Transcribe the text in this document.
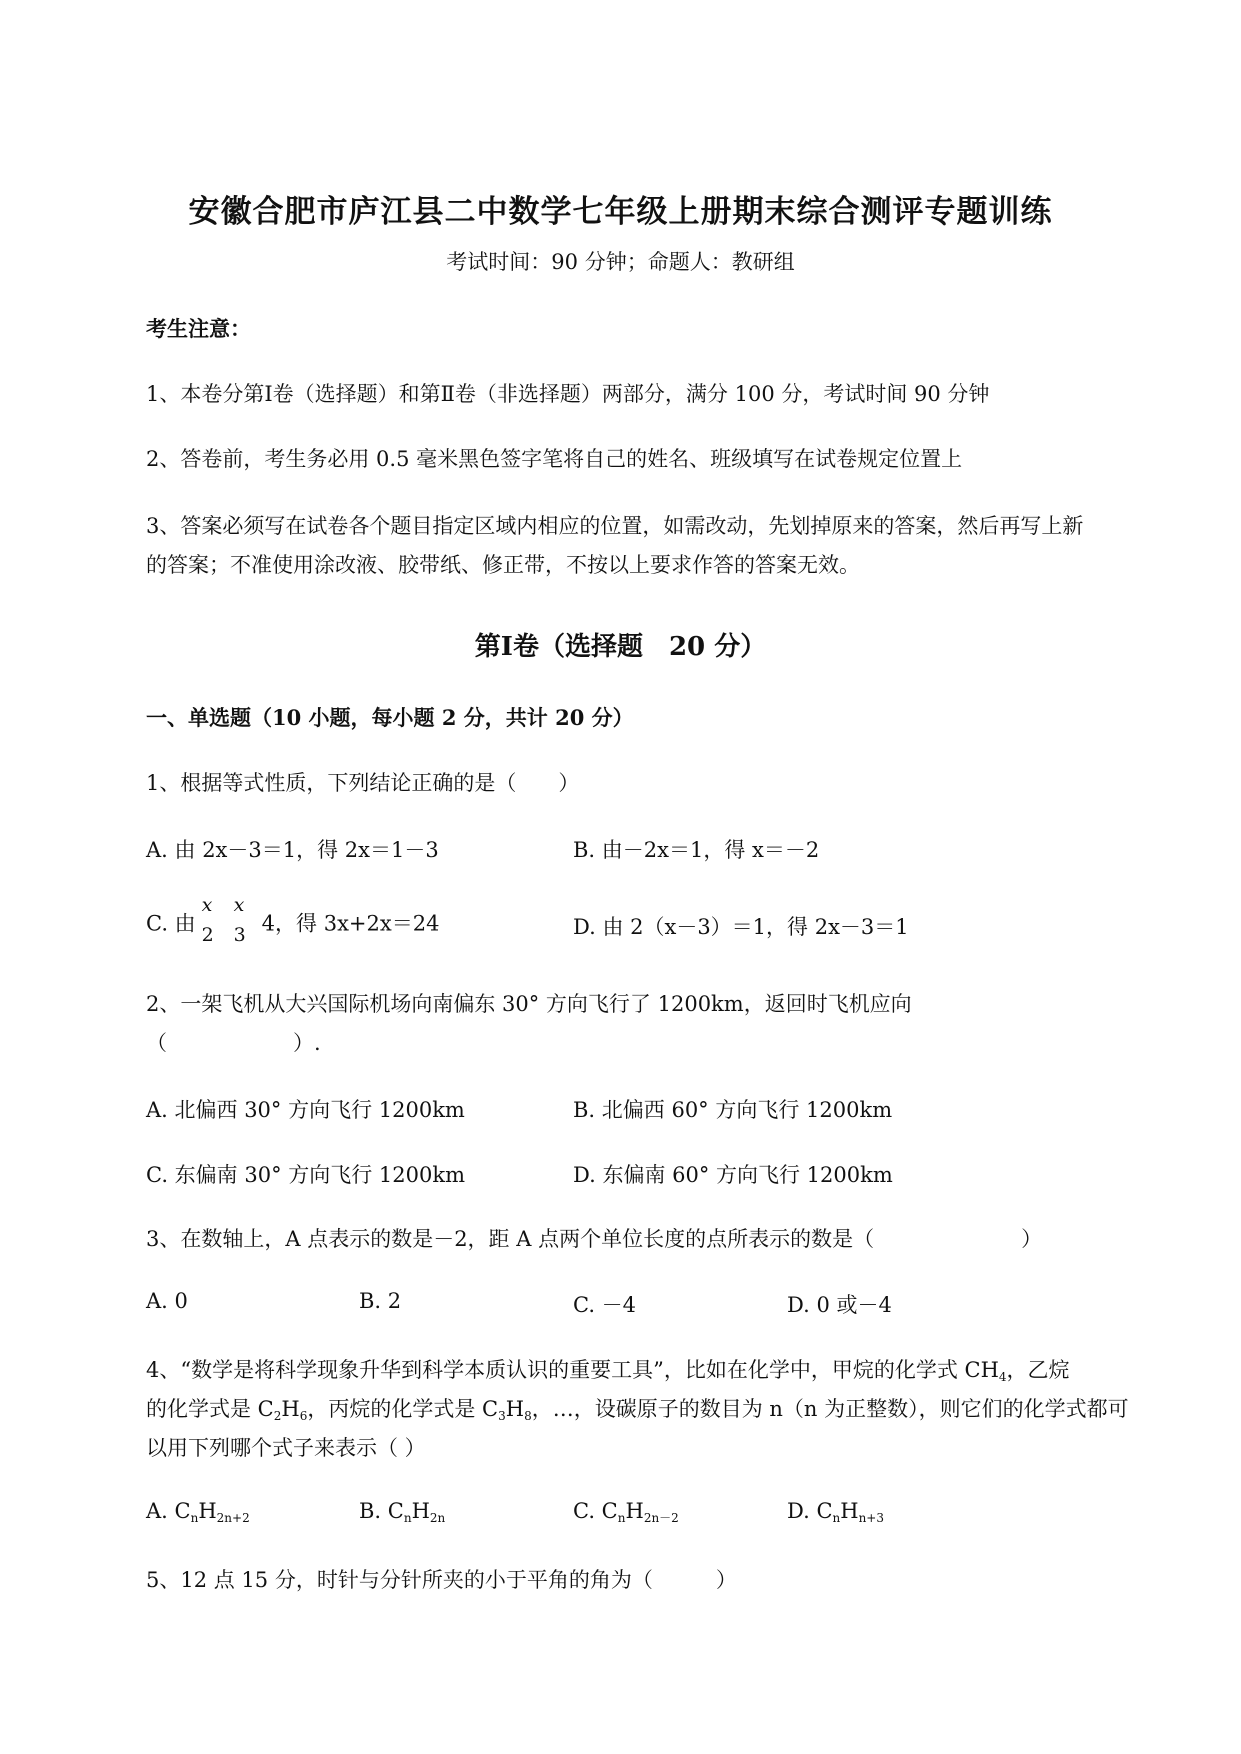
安徽合肥市庐江县二中数学七年级上册期末综合测评专题训练
考试时间：90 分钟；命题人：教研组
考生注意：
1、本卷分第Ⅰ卷（选择题）和第Ⅱ卷（非选择题）两部分，满分 100 分，考试时间 90 分钟
2、答卷前，考生务必用 0.5 毫米黑色签字笔将自己的姓名、班级填写在试卷规定位置上
3、答案必须写在试卷各个题目指定区域内相应的位置，如需改动，先划掉原来的答案，然后再写上新
的答案；不准使用涂改液、胶带纸、修正带，不按以上要求作答的答案无效。
第Ⅰ卷（选择题　20 分）
一、单选题（10 小题，每小题 2 分，共计 20 分）
1、根据等式性质，下列结论正确的是（　　）
A. 由 2x－3＝1，得 2x＝1－3	B. 由－2x＝1，得 x＝－2
C. 由
x
2
x
3 4，得 3x+2x＝24	D. 由 2（x－3）＝1，得 2x－3＝1
2、一架飞机从大兴国际机场向南偏东 30° 方向飞行了 1200km，返回时飞机应向
（　　　　　　）.
A. 北偏西 30° 方向飞行 1200km	B. 北偏西 60° 方向飞行 1200km
C. 东偏南 30° 方向飞行 1200km	D. 东偏南 60° 方向飞行 1200km
3、在数轴上，A 点表示的数是－2，距 A 点两个单位长度的点所表示的数是（　　　　　　　）
A. 0	B. 2	C. －4	D. 0 或－4
4、“数学是将科学现象升华到科学本质认识的重要工具”，比如在化学中，甲烷的化学式 $CH_4$，乙烷
的化学式是 $C_2H_6$，丙烷的化学式是 $C_3H_8$，…，设碳原子的数目为 n（n 为正整数），则它们的化学式都可
以用下列哪个式子来表示（ ）
A. $C_nH_{2n+2}$	B. $C_nH_{2n}$	C. $C_nH_{2n-2}$	D. $C_nH_{n+3}$
5、12 点 15 分，时针与分针所夹的小于平角的角为（　　　）
